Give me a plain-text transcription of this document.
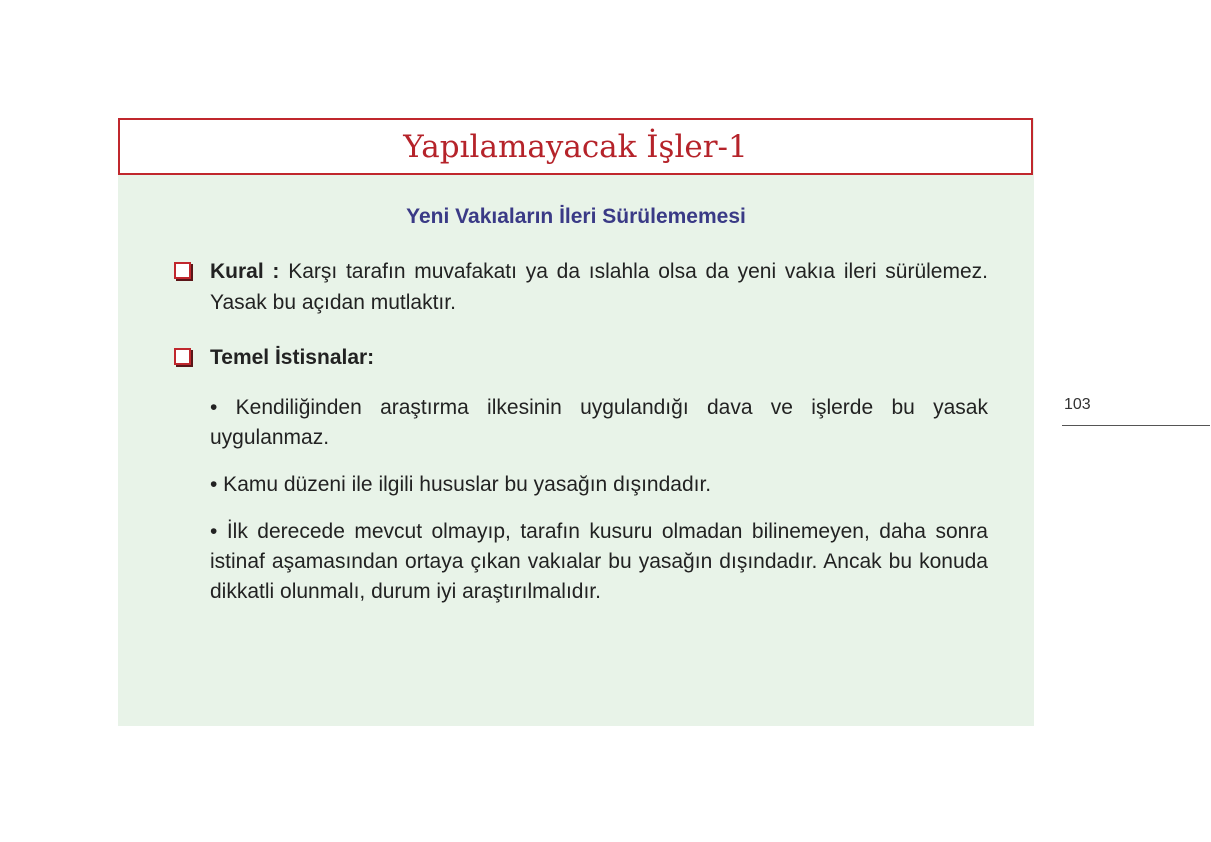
Yapılamayacak İşler-1
Yeni Vakıaların İleri Sürülememesi
Kural : Karşı tarafın muvafakatı ya da ıslahla olsa da yeni vakıa ileri sürülemez. Yasak bu açıdan mutlaktır.
Temel İstisnalar:
• Kendiliğinden araştırma ilkesinin uygulandığı dava ve işlerde bu yasak uygulanmaz.
• Kamu düzeni ile ilgili hususlar bu yasağın dışındadır.
• İlk derecede mevcut olmayıp, tarafın kusuru olmadan bilinemeyen, daha sonra istinaf aşamasından ortaya çıkan vakıalar bu yasağın dışındadır. Ancak bu konuda dikkatli olunmalı, durum iyi araştırılmalıdır.
103
